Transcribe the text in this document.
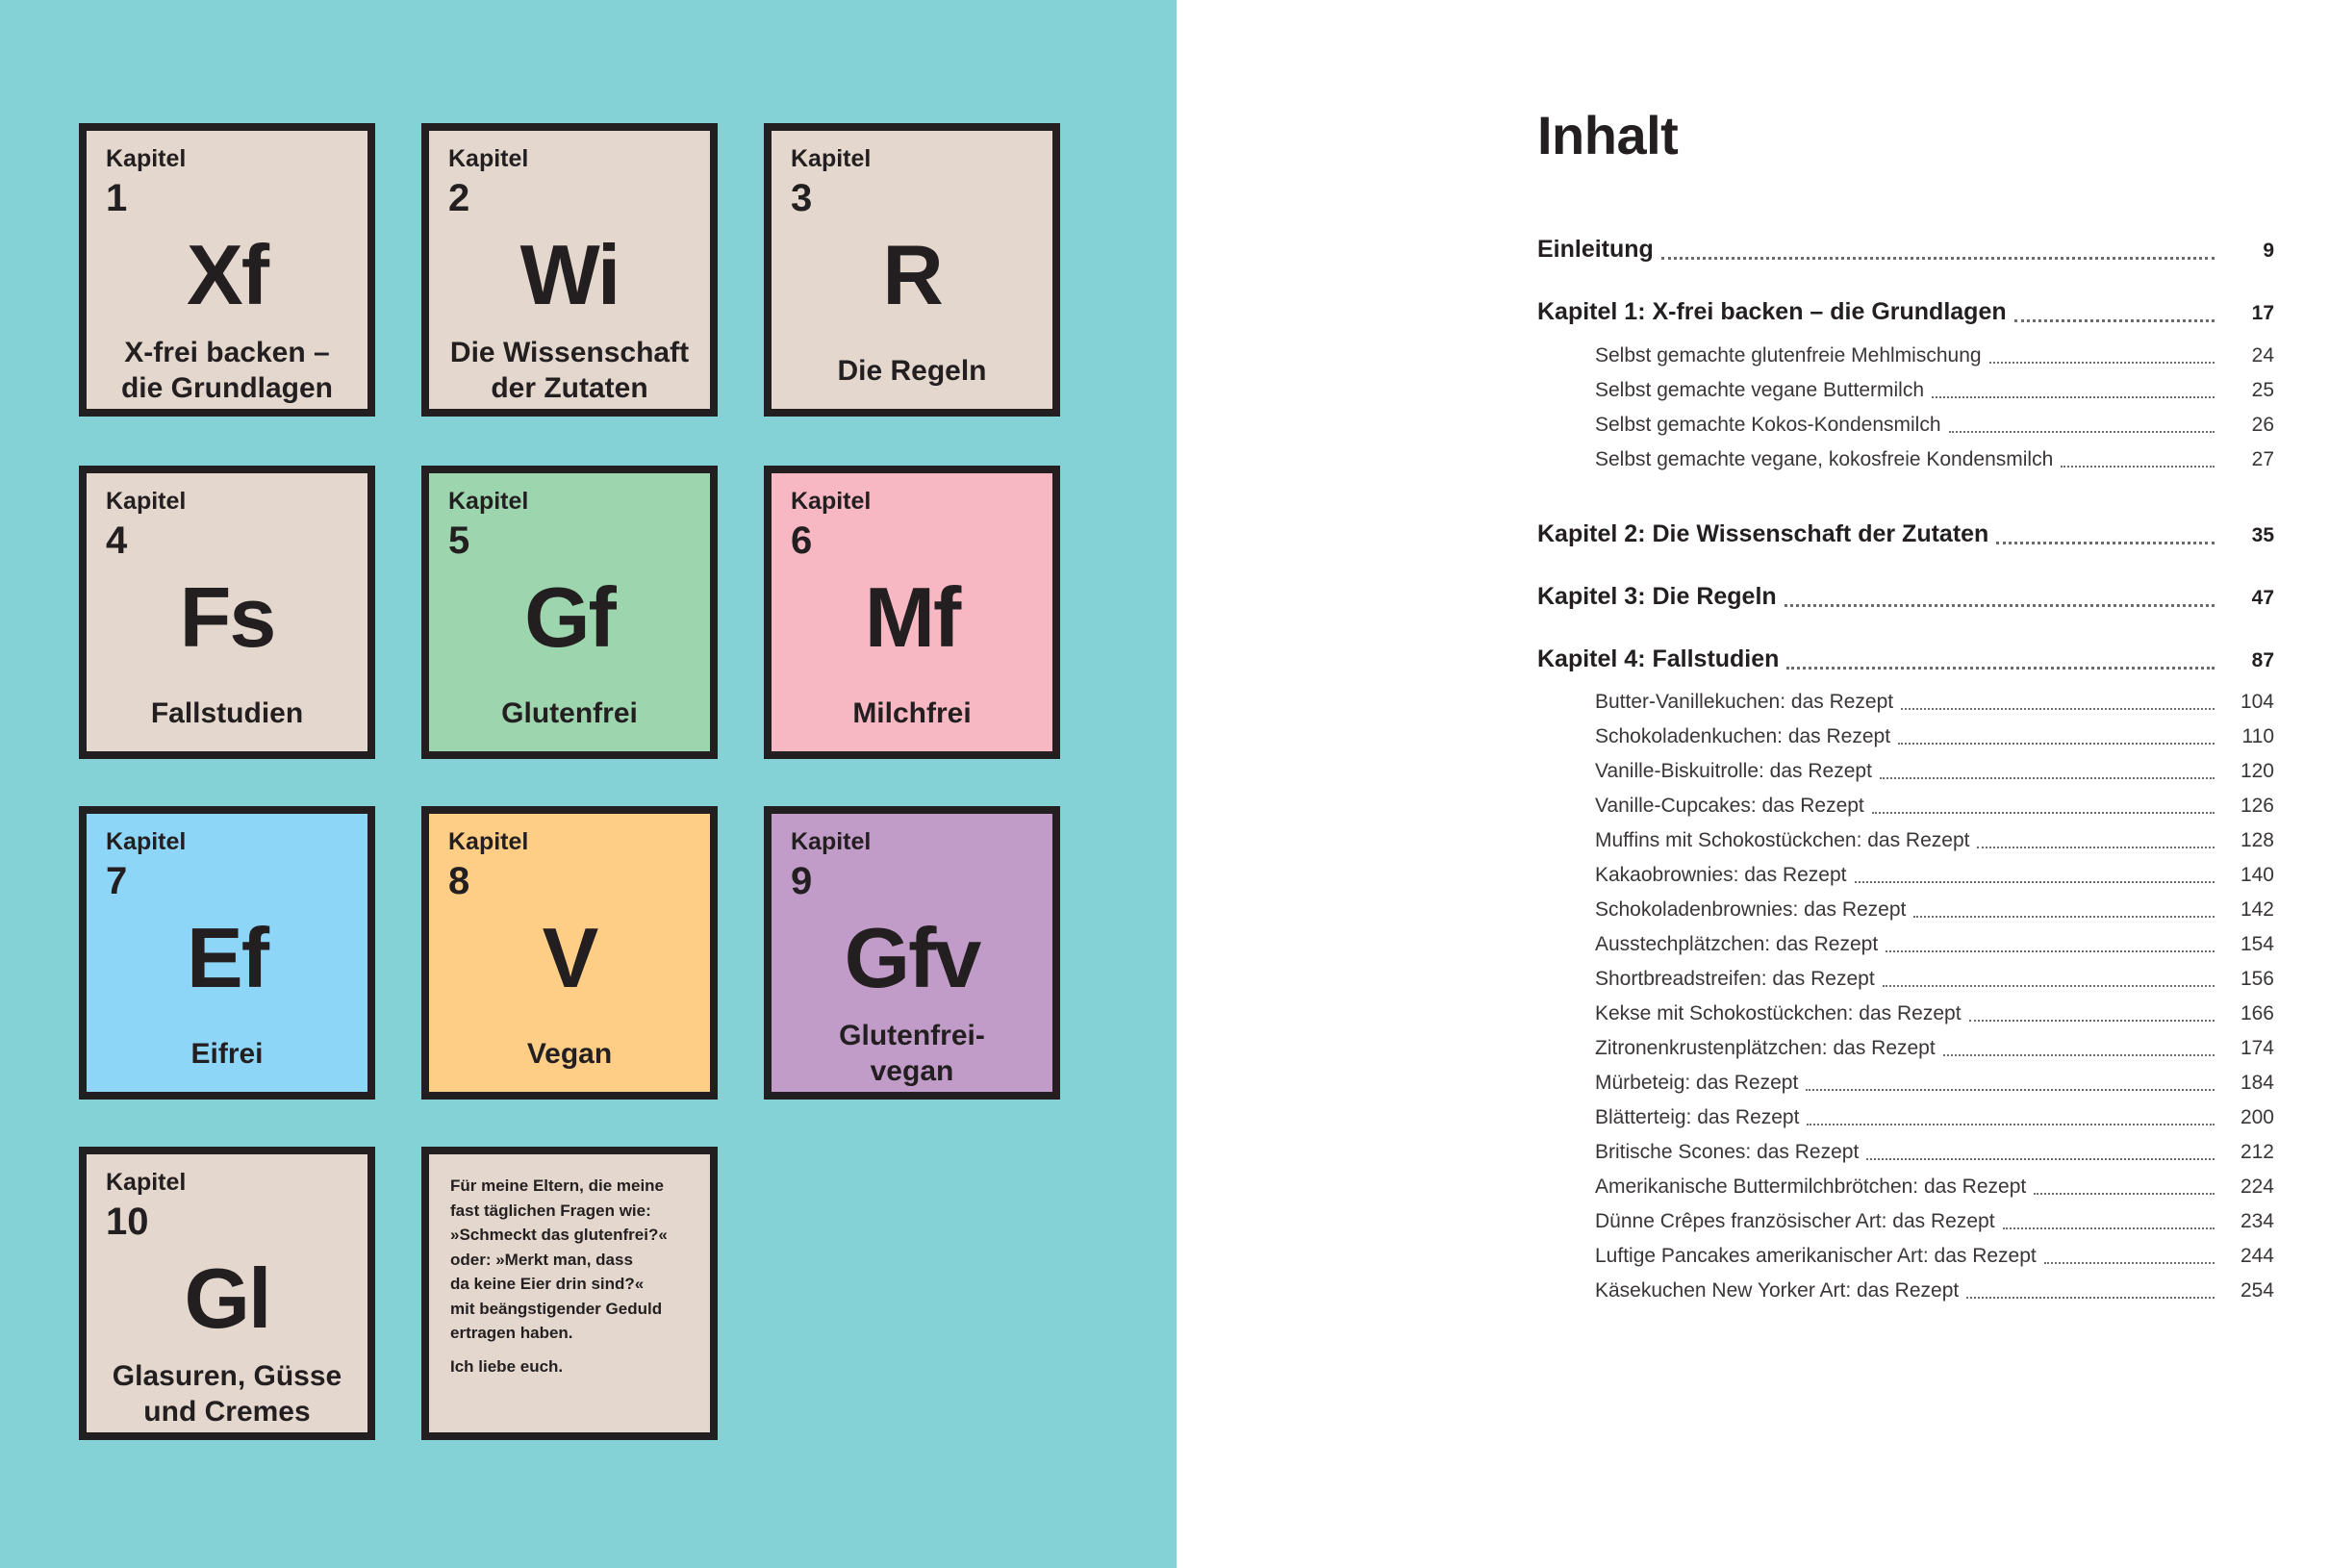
Kapitel
1
Xf
X-frei backen –
die Grundlagen
Kapitel
2
Wi
Die Wissenschaft
der Zutaten
Kapitel
3
R
Die Regeln
Kapitel
4
Fs
Fallstudien
Kapitel
5
Gf
Glutenfrei
Kapitel
6
Mf
Milchfrei
Kapitel
7
Ef
Eifrei
Kapitel
8
V
Vegan
Kapitel
9
Gfv
Glutenfrei-
vegan
Kapitel
10
Gl
Glasuren, Güsse
und Cremes

Für meine Eltern, die meine
fast täglichen Fragen wie:
»Schmeckt das glutenfrei?«
oder: »Merkt man, dass
da keine Eier drin sind?«
mit beängstigender Geduld
ertragen haben.

Ich liebe euch.

Inhalt
Einleitung	9
Kapitel 1: X-frei backen – die Grundlagen	17
Selbst gemachte glutenfreie Mehlmischung	24
Selbst gemachte vegane Buttermilch	25
Selbst gemachte Kokos-Kondensmilch	26
Selbst gemachte vegane, kokosfreie Kondensmilch	27
Kapitel 2: Die Wissenschaft der Zutaten	35
Kapitel 3: Die Regeln	47
Kapitel 4: Fallstudien	87
Butter-Vanillekuchen: das Rezept	104
Schokoladenkuchen: das Rezept	110
Vanille-Biskuitrolle: das Rezept	120
Vanille-Cupcakes: das Rezept	126
Muffins mit Schokostückchen: das Rezept	128
Kakaobrownies: das Rezept	140
Schokoladenbrownies: das Rezept	142
Ausstechplätzchen: das Rezept	154
Shortbreadstreifen: das Rezept	156
Kekse mit Schokostückchen: das Rezept	166
Zitronenkrustenplätzchen: das Rezept	174
Mürbeteig: das Rezept	184
Blätterteig: das Rezept	200
Britische Scones: das Rezept	212
Amerikanische Buttermilchbrötchen: das Rezept	224
Dünne Crêpes französischer Art: das Rezept	234
Luftige Pancakes amerikanischer Art: das Rezept	244
Käsekuchen New Yorker Art: das Rezept	254
